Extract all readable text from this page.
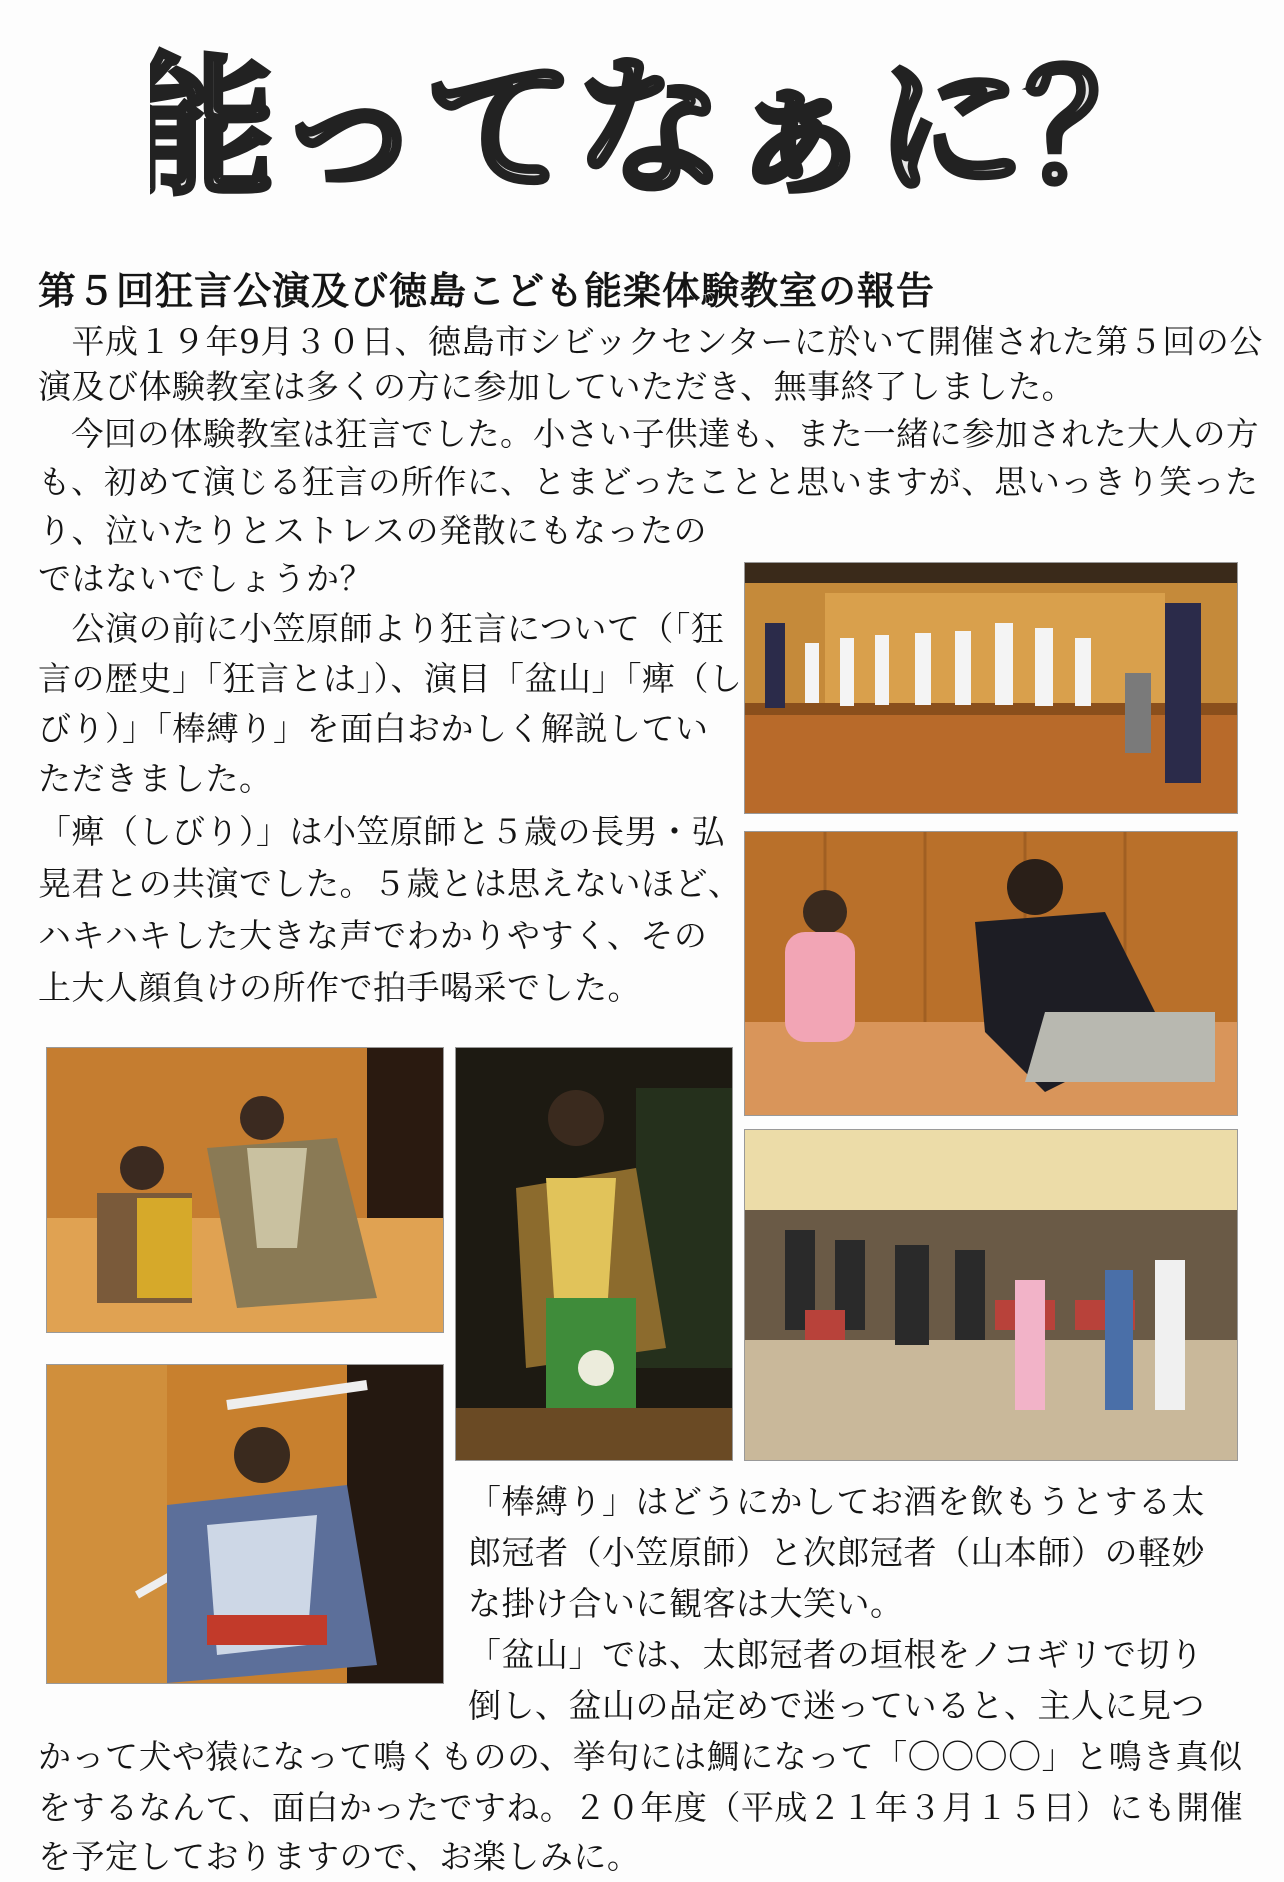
能ってなぁに？
第５回狂言公演及び徳島こども能楽体験教室の報告
　平成１９年9月３０日、徳島市シビックセンターに於いて開催された第５回の公
演及び体験教室は多くの方に参加していただき、無事終了しました。
　今回の体験教室は狂言でした。小さい子供達も、また一緒に参加された大人の方
も、初めて演じる狂言の所作に、とまどったことと思いますが、思いっきり笑った
り、泣いたりとストレスの発散にもなったの
ではないでしょうか？
　公演の前に小笠原師より狂言について（「狂
言の歴史」「狂言とは」）、演目「盆山」「痺（し
びり）」「棒縛り」を面白おかしく解説してい
ただきました。
「痺（しびり）」は小笠原師と５歳の長男・弘
晃君との共演でした。５歳とは思えないほど、
ハキハキした大きな声でわかりやすく、その
上大人顔負けの所作で拍手喝采でした。
「棒縛り」はどうにかしてお酒を飲もうとする太
郎冠者（小笠原師）と次郎冠者（山本師）の軽妙
な掛け合いに観客は大笑い。
「盆山」では、太郎冠者の垣根をノコギリで切り
倒し、盆山の品定めで迷っていると、主人に見つ
かって犬や猿になって鳴くものの、挙句には鯛になって「〇〇〇〇」と鳴き真似
をするなんて、面白かったですね。２０年度（平成２１年３月１５日）にも開催
を予定しておりますので、お楽しみに。
